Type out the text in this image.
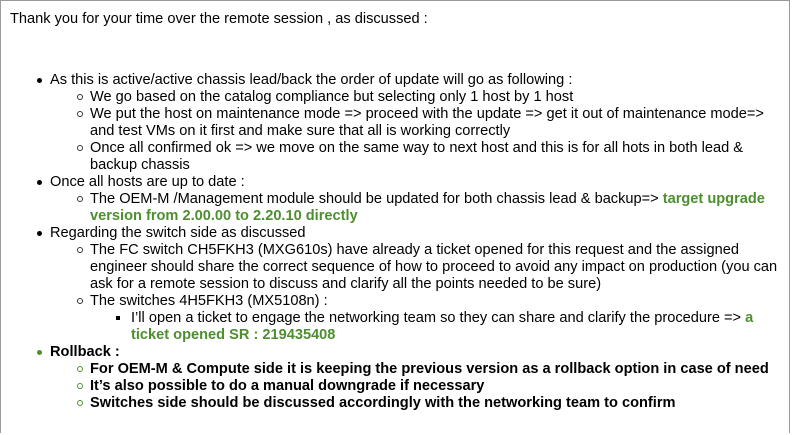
Thank you for your time over the remote session , as discussed :
As this is active/active chassis lead/back the order of update will go as following :
We go based on the catalog compliance but selecting only 1 host by 1 host
We put the host on maintenance mode => proceed with the update => get it out of maintenance mode=>
and test VMs on it first and make sure that all is working correctly
Once all confirmed ok => we move on the same way to next host and this is for all hots in both lead &
backup chassis
Once all hosts are up to date :
The OEM-M /Management module should be updated for both chassis lead & backup=> target upgrade
version from 2.00.00 to 2.20.10 directly
Regarding the switch side as discussed
The FC switch CH5FKH3 (MXG610s) have already a ticket opened for this request and the assigned
engineer should share the correct sequence of how to proceed to avoid any impact on production (you can
ask for a remote session to discuss and clarify all the points needed to be sure)
The switches 4H5FKH3 (MX5108n) :
I’ll open a ticket to engage the networking team so they can share and clarify the procedure => a
ticket opened SR : 219435408
Rollback :
For OEM-M & Compute side it is keeping the previous version as a rollback option in case of need
It’s also possible to do a manual downgrade if necessary
Switches side should be discussed accordingly with the networking team to confirm
